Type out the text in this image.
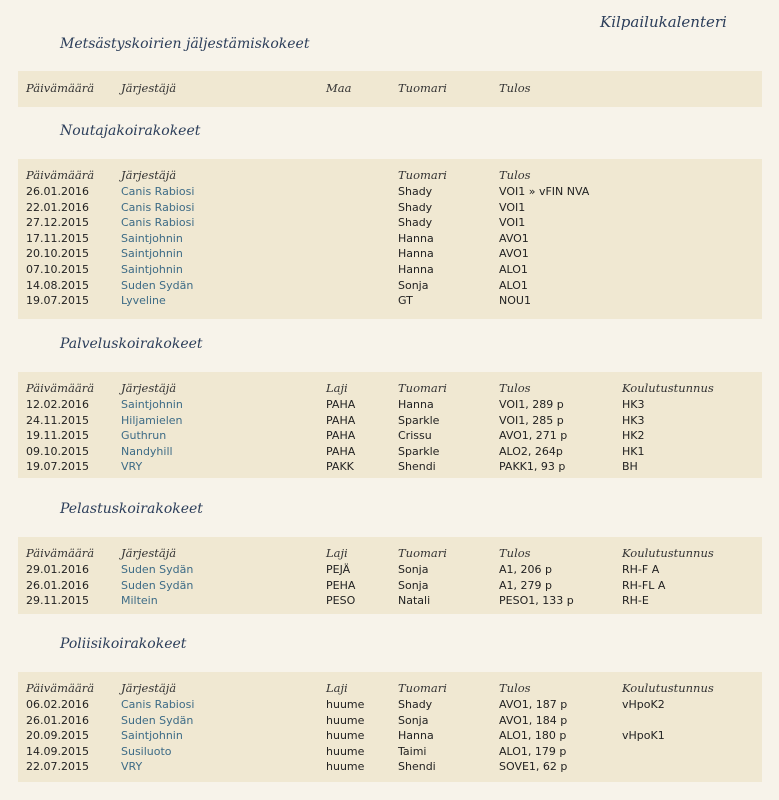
Kilpailukalenteri
Metsästyskoirien jäljestämiskokeet
Päivämäärä Järjestäjä	Maa	Tuomari	Tulos
Noutajakoirakokeet
Päivämäärä Järjestäjä	Tuomari	Tulos
26.01.2016	Canis Rabiosi	Shady	VOI1 » vFIN NVA
22.01.2016	Canis Rabiosi	Shady	VOI1
27.12.2015	Canis Rabiosi	Shady	VOI1
17.11.2015	Saintjohnin	Hanna	AVO1
20.10.2015	Saintjohnin	Hanna	AVO1
07.10.2015	Saintjohnin	Hanna	ALO1
14.08.2015	Suden Sydän	Sonja	ALO1
19.07.2015	Lyveline	GT	NOU1
Palveluskoirakokeet
Päivämäärä Järjestäjä	Laji	Tuomari	Tulos	Koulutustunnus
12.02.2016	Saintjohnin	PAHA	Hanna	VOI1, 289 p	HK3
24.11.2015	Hiljamielen	PAHA	Sparkle	VOI1, 285 p	HK3
19.11.2015	Guthrun	PAHA	Crissu	AVO1, 271 p	HK2
09.10.2015	Nandyhill	PAHA	Sparkle	ALO2, 264p	HK1
19.07.2015	VRY	PAKK	Shendi	PAKK1, 93 p	BH
Pelastuskoirakokeet
Päivämäärä Järjestäjä	Laji	Tuomari	Tulos	Koulutustunnus
29.01.2016	Suden Sydän	PEJÄ	Sonja	A1, 206 p	RH-F A
26.01.2016	Suden Sydän	PEHA	Sonja	A1, 279 p	RH-FL A
29.11.2015	Miltein	PESO	Natali	PESO1, 133 p	RH-E
Poliisikoirakokeet
Päivämäärä Järjestäjä	Laji	Tuomari	Tulos	Koulutustunnus
06.02.2016	Canis Rabiosi	huume	Shady	AVO1, 187 p	vHpoK2
26.01.2016	Suden Sydän	huume	Sonja	AVO1, 184 p
20.09.2015	Saintjohnin	huume	Hanna	ALO1, 180 p	vHpoK1
14.09.2015	Susiluoto	huume	Taimi	ALO1, 179 p
22.07.2015	VRY	huume	Shendi	SOVE1, 62 p
